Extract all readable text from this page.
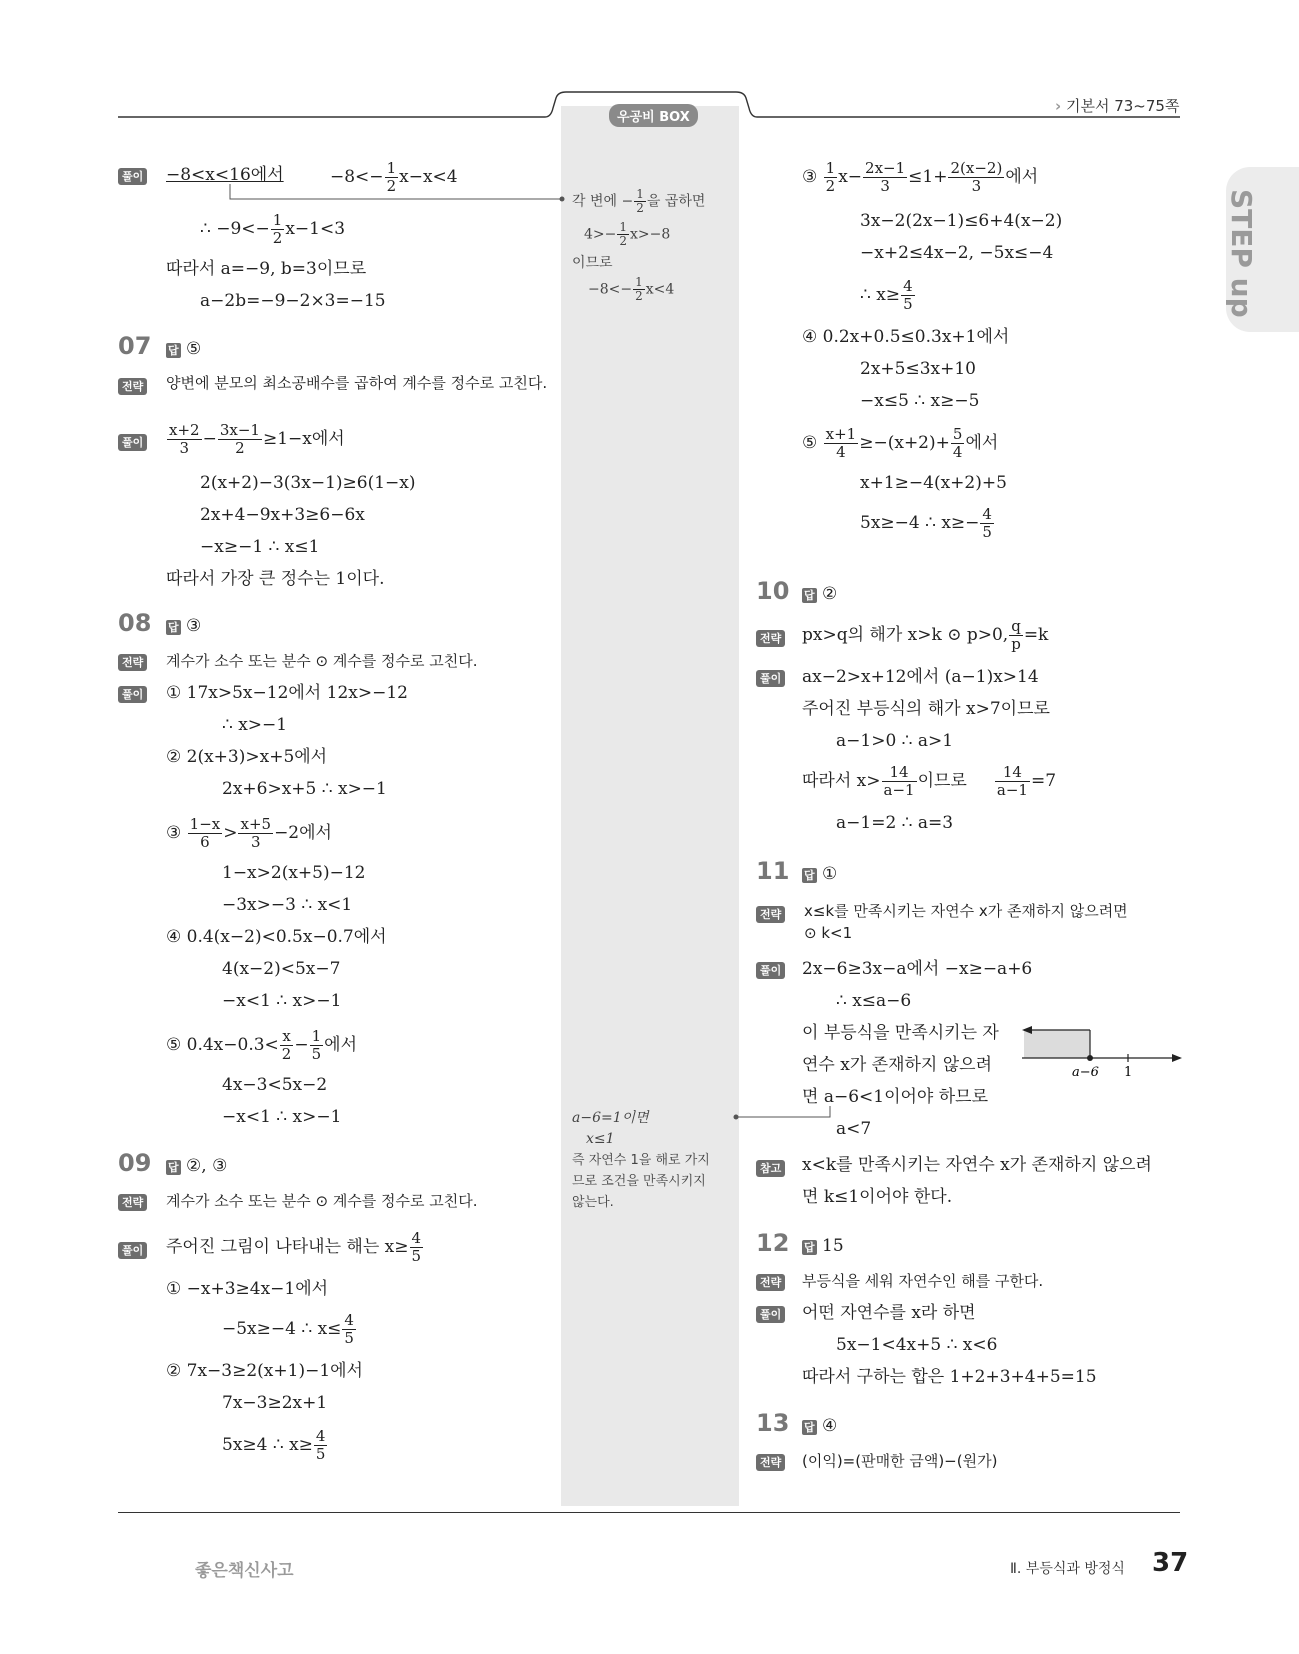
우공비 BOX
› 기본서 73~75쪽
STEP up
풀이 −8<x<16에서	$-8<- \frac{1}{2} x-x<4$
∴ $-9<- \frac{1}{2} x-1<3$
따라서 a=−9, b=3이므로
a−2b=−9−2×3=−15
07 답 ⑤
전략 양변에 분모의 최소공배수를 곱하여 계수를 정수로 고친다.
풀이 $\frac{x+2}{3} - \frac{3x-1}{2} \ge 1-x$에서
2(x+2)−3(3x−1)≥6(1−x)
2x+4−9x+3≥6−6x
−x≥−1 ∴ x≤1
따라서 가장 큰 정수는 1이다.
08 답 ③
전략 계수가 소수 또는 분수 ⊙ 계수를 정수로 고친다.
풀이 ① 17x>5x−12에서 12x>−12
∴ x>−1
② 2(x+3)>x+5에서
2x+6>x+5 ∴ x>−1
③ $\frac{1-x}{6} > \frac{x+5}{3} -2$에서
1−x>2(x+5)−12
−3x>−3 ∴ x<1
④ 0.4(x−2)<0.5x−0.7에서
4(x−2)<5x−7
−x<1 ∴ x>−1
⑤ $0.4x-0.3< \frac{x}{2} - \frac{1}{5}$ 에서
4x−3<5x−2
−x<1 ∴ x>−1
09 답 ②, ③
전략 계수가 소수 또는 분수 ⊙ 계수를 정수로 고친다.
풀이 주어진 그림이 나타내는 해는 $x\ge \frac{4}{5}$
① −x+3≥4x−1에서
−5x≥−4 ∴ $x\le \frac{4}{5}$
② 7x−3≥2(x+1)−1에서
7x−3≥2x+1
5x≥4 ∴ $x\ge \frac{4}{5}$
각 변에 − $\frac{1}{2}$ 을 곱하면
$4>- \frac{1}{2} x>-8$
이므로
$-8<- \frac{1}{2} x<4$
a−6=1이면
x≤1
즉 자연수 1을 해로 가지
므로 조건을 만족시키지
않는다.
③ $\frac{1}{2} x- \frac{2x-1}{3} \le 1+ \frac{2(x-2)}{3}$ 에서
3x−2(2x−1)≤6+4(x−2)
−x+2≤4x−2, −5x≤−4
∴ $x\ge \frac{4}{5}$
④ 0.2x+0.5≤0.3x+1에서
2x+5≤3x+10
−x≤5 ∴ x≥−5
⑤ $\frac{x+1}{4} \ge-(x+2)+ \frac{5}{4}$ 에서
x+1≥−4(x+2)+5
5x≥−4 ∴ $x\ge- \frac{4}{5}$
10 답 ②
전략 px>q의 해가 x>k ⊙ p>0, $\frac{q}{p} =k$
풀이 ax−2>x+12에서 (a−1)x>14
주어진 부등식의 해가 x>7이므로
a−1>0 ∴ a>1
따라서 $x> \frac{14}{a-1}$ 이므로 $\frac{14}{a-1} =7$
a−1=2 ∴ a=3
11 답 ①
전략 x≤k를 만족시키는 자연수 x가 존재하지 않으려면
⊙ k<1
풀이 2x−6≥3x−a에서 −x≥−a+6
∴ x≤a−6
이 부등식을 만족시키는 자
연수 x가 존재하지 않으려
면 a−6<1이어야 하므로
a<7
참고 x<k를 만족시키는 자연수 x가 존재하지 않으려
면 k≤1이어야 한다.
12 답 15
전략 부등식을 세워 자연수인 해를 구한다.
풀이 어떤 자연수를 x라 하면
5x−1<4x+5 ∴ x<6
따라서 구하는 합은 1+2+3+4+5=15
13 답 ④
전략 (이익)=(판매한 금액)−(원가)
a−6 1
좋은책신사고	Ⅱ. 부등식과 방정식 37
